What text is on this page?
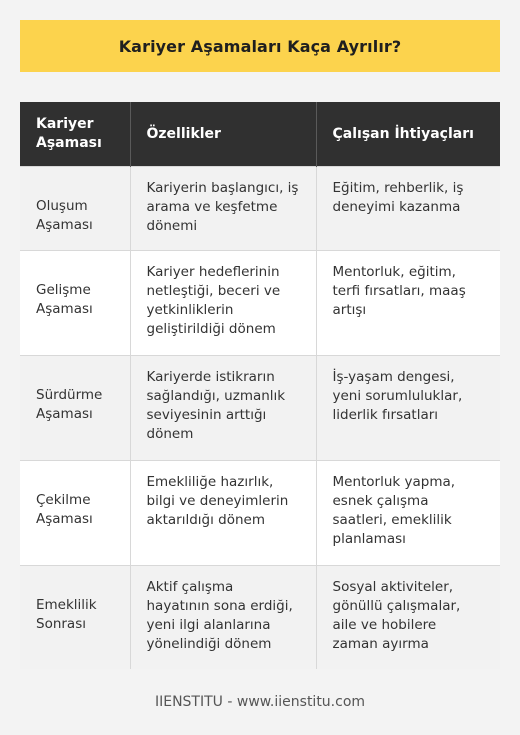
Kariyer Aşamaları Kaça Ayrılır?
Kariyer Aşaması	Özellikler	Çalışan İhtiyaçları
Oluşum Aşaması	Kariyerin başlangıcı, iş arama ve keşfetme dönemi	Eğitim, rehberlik, iş deneyimi kazanma
Gelişme Aşaması	Kariyer hedeflerinin netleştiği, beceri ve yetkinliklerin geliştirildiği dönem	Mentorluk, eğitim, terfi fırsatları, maaş artışı
Sürdürme Aşaması	Kariyerde istikrarın sağlandığı, uzmanlık seviyesinin arttığı dönem	İş-yaşam dengesi, yeni sorumluluklar, liderlik fırsatları
Çekilme Aşaması	Emekliliğe hazırlık, bilgi ve deneyimlerin aktarıldığı dönem	Mentorluk yapma, esnek çalışma saatleri, emeklilik planlaması
Emeklilik Sonrası	Aktif çalışma hayatının sona erdiği, yeni ilgi alanlarına yönelindiği dönem	Sosyal aktiviteler, gönüllü çalışmalar, aile ve hobilere zaman ayırma
IIENSTITU - www.iienstitu.com
